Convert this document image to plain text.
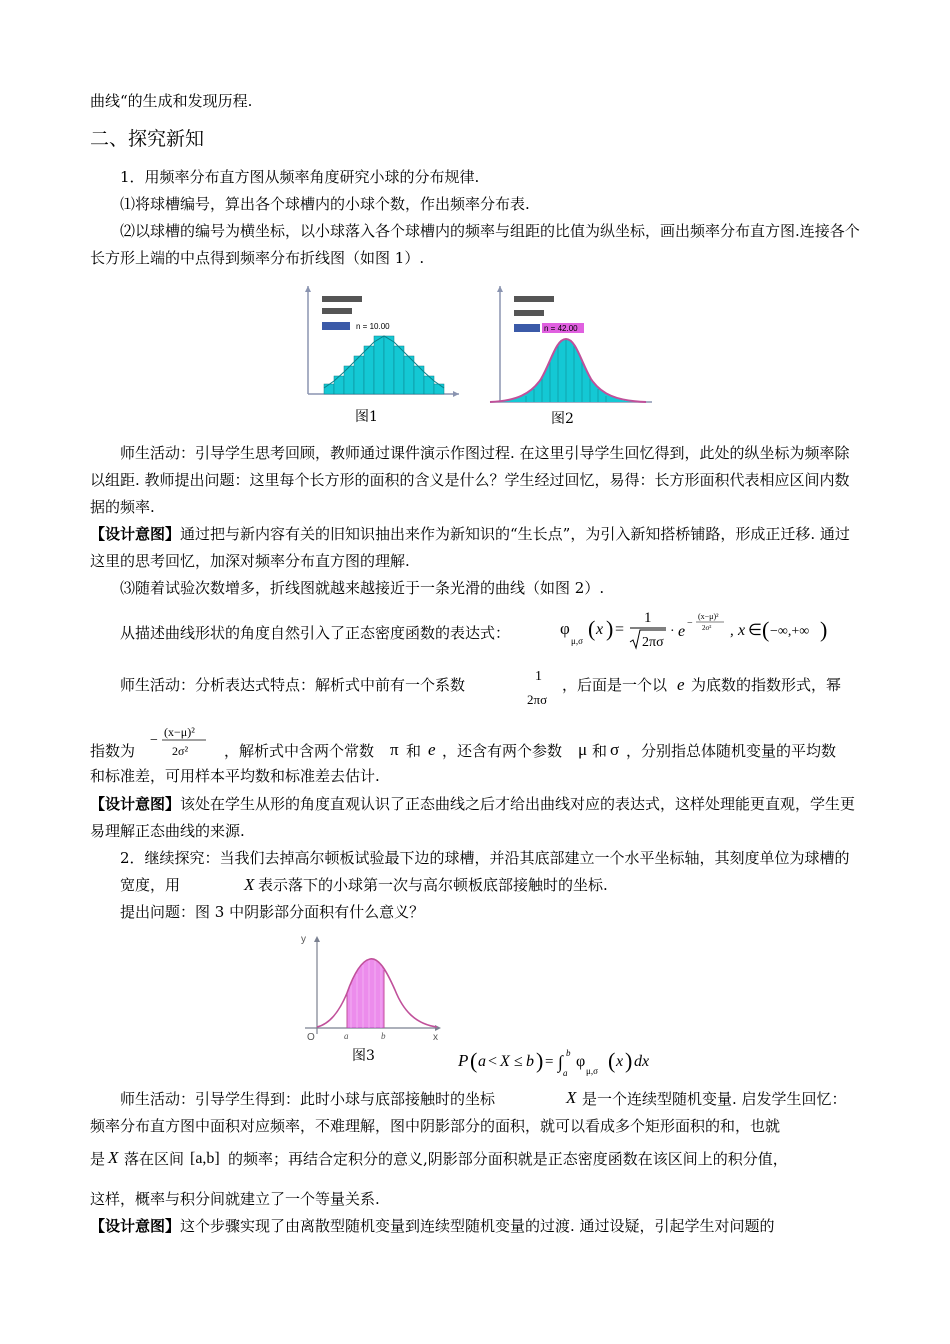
曲线“的生成和发现历程.

二、探究新知

1．用频率分布直方图从频率角度研究小球的分布规律.

⑴将球槽编号，算出各个球槽内的小球个数，作出频率分布表.

⑵以球槽的编号为横坐标，以小球落入各个球槽内的频率与组距的比值为纵坐标，画出频率分布直方图.连接各个长方形上端的中点得到频率分布折线图（如图 1）.

n = 10.00
图1
n = 42.00
图2

师生活动：引导学生思考回顾，教师通过课件演示作图过程. 在这里引导学生回忆得到，此处的纵坐标为频率除以组距. 教师提出问题：这里每个长方形的面积的含义是什么？学生经过回忆，易得：长方形面积代表相应区间内数据的频率.

【设计意图】通过把与新内容有关的旧知识抽出来作为新知识的“生长点”，为引入新知搭桥铺路，形成正迁移. 通过这里的思考回忆，加深对频率分布直方图的理解.

⑶随着试验次数增多，折线图就越来越接近于一条光滑的曲线（如图 2）.

从描述曲线形状的角度自然引入了正态密度函数的表达式：	φ
μ,σ ( x ) =
1
2πσ
· e −
(x−μ)²
2σ² , x ∈ ( −∞,+∞ )
师生活动：分析表达式特点：解析式中前有一个系数	1
2πσ
，后面是一个以 e 为底数的指数形式，幂
指数为
−
(x−μ)²
2σ² ，解析式中含两个常数 π 和 e ，还含有两个参数 μ 和 σ ，分别指总体随机变量的平均数

和标准差，可用样本平均数和标准差去估计.

【设计意图】该处在学生从形的角度直观认识了正态曲线之后才给出曲线对应的表达式，这样处理能更直观，学生更易理解正态曲线的来源.

2．继续探究：当我们去掉高尔顿板试验最下边的球槽，并沿其底部建立一个水平坐标轴，其刻度单位为球槽的宽度，用	X 表示落下的小球第一次与高尔顿板底部接触时的坐标.

提出问题：图 3 中阴影部分面积有什么意义？

y
O	x
a	b
图3	P ( a < X ≤ b ) = ∫ b
a
φ
μ,σ ( x ) dx
师生活动：引导学生得到：此时小球与底部接触时的坐标	X 是一个连续型随机变量. 启发学生回忆：

频率分布直方图中面积对应频率，不难理解，图中阴影部分的面积，就可以看成多个矩形面积的和，也就

是 X 落在区间 [a,b] 的频率；再结合定积分的意义,阴影部分面积就是正态密度函数在该区间上的积分值，

这样，概率与积分间就建立了一个等量关系.

【设计意图】这个步骤实现了由离散型随机变量到连续型随机变量的过渡. 通过设疑，引起学生对问题的
